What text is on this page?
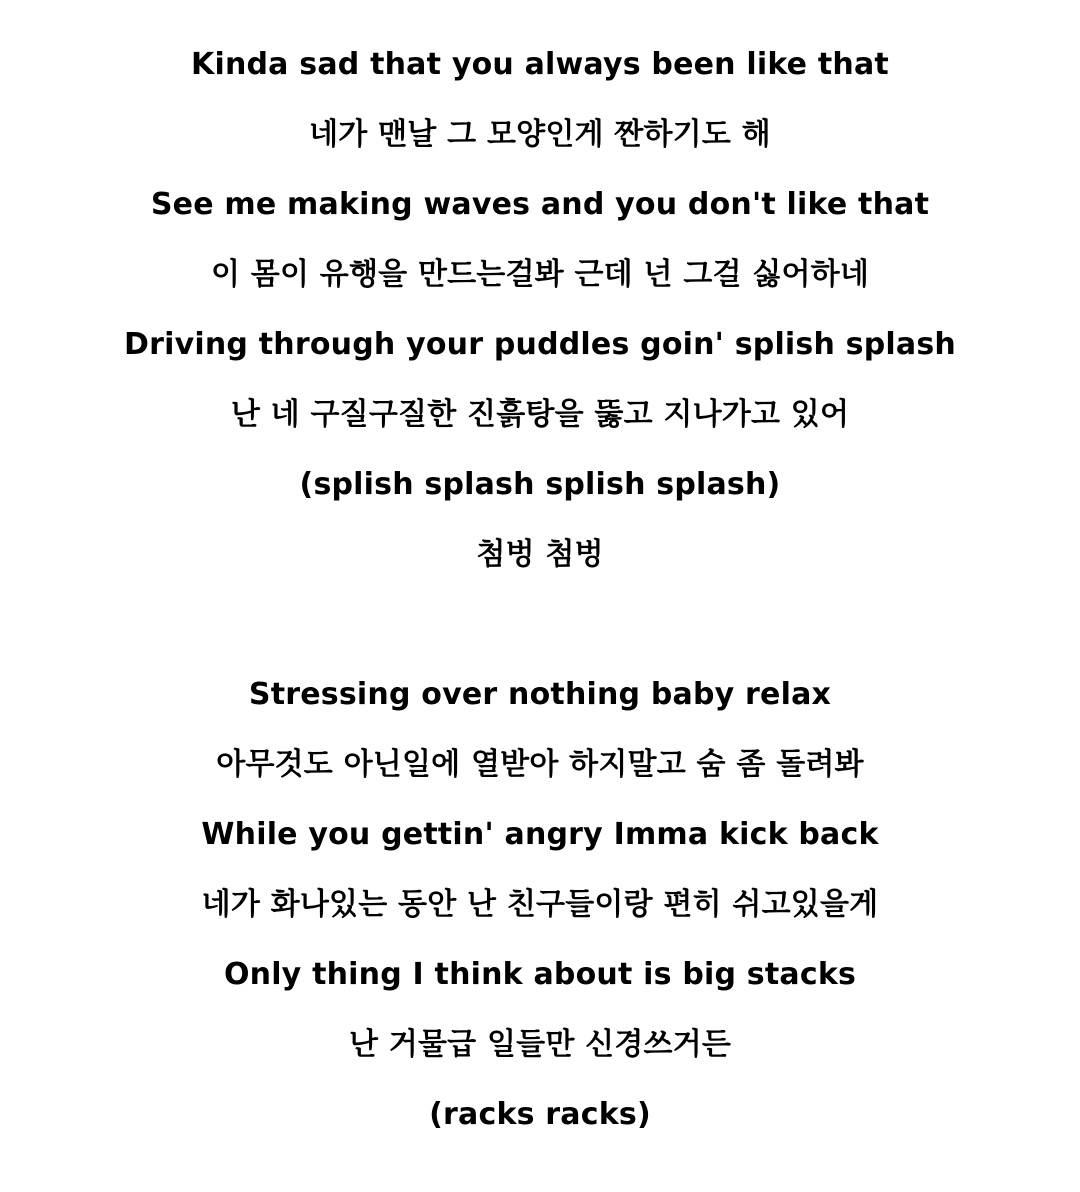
Kinda sad that you always been like that

네가 맨날 그 모양인게 짠하기도 해

See me making waves and you don't like that

이 몸이 유행을 만드는걸봐 근데 넌 그걸 싫어하네

Driving through your puddles goin' splish splash

난 네 구질구질한 진흙탕을 뚫고 지나가고 있어

(splish splash splish splash)

첨벙 첨벙

Stressing over nothing baby relax

아무것도 아닌일에 열받아 하지말고 숨 좀 돌려봐

While you gettin' angry Imma kick back

네가 화나있는 동안 난 친구들이랑 편히 쉬고있을게

Only thing I think about is big stacks

난 거물급 일들만 신경쓰거든

(racks racks)
